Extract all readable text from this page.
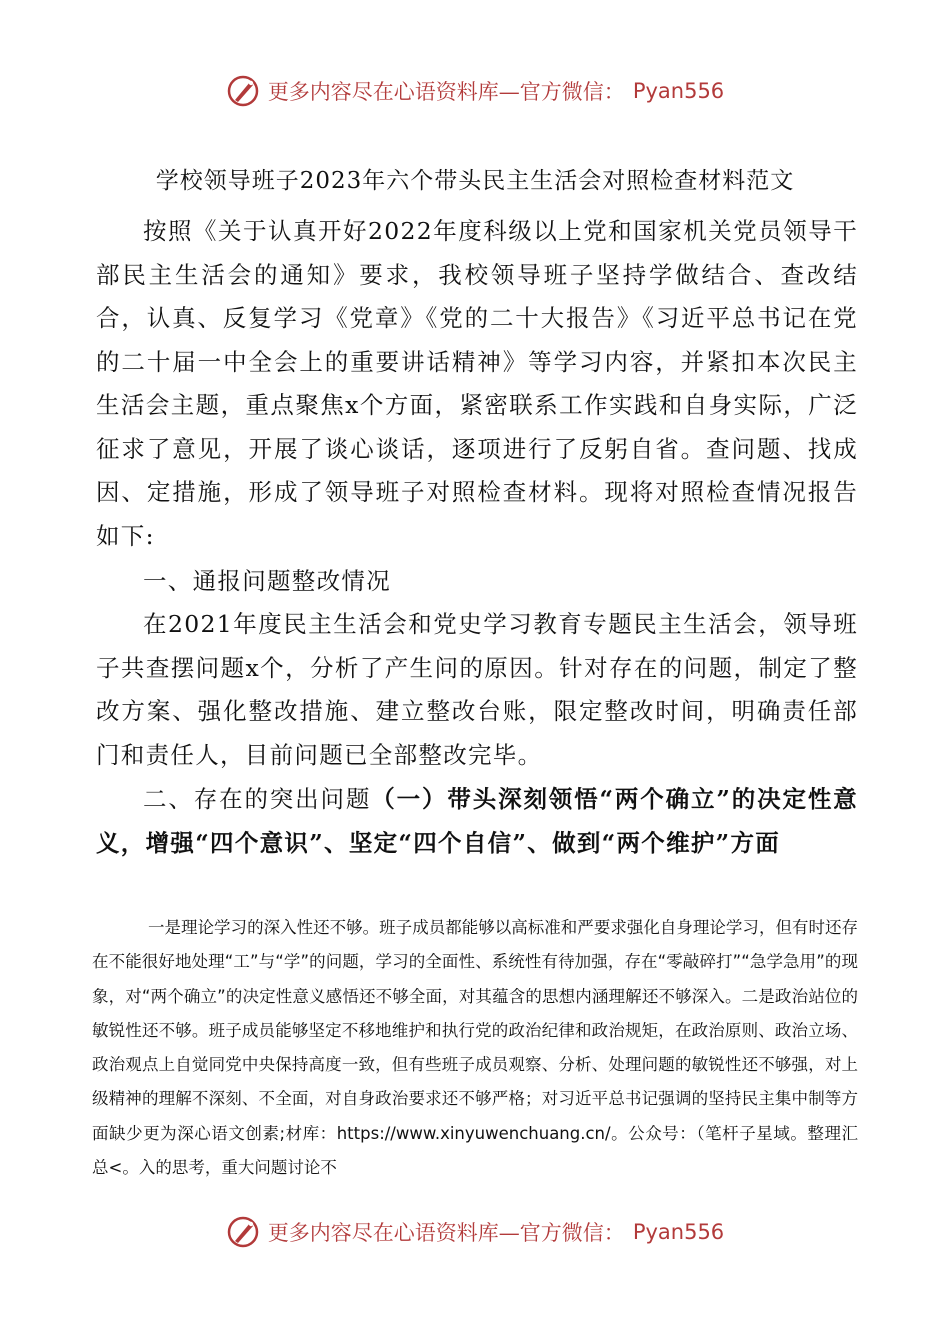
更多内容尽在心语资料库—官方微信： Pyan556
学校领导班子2023年六个带头民主生活会对照检查材料范文

按照《关于认真开好2022年度科级以上党和国家机关党员领导干部民主生活会的通知》要求，我校领导班子坚持学做结合、查改结合，认真、反复学习《党章》《党的二十大报告》《习近平总书记在党的二十届一中全会上的重要讲话精神》等学习内容，并紧扣本次民主生活会主题，重点聚焦x个方面，紧密联系工作实践和自身实际，广泛征求了意见，开展了谈心谈话，逐项进行了反躬自省。查问题、找成因、定措施，形成了领导班子对照检查材料。现将对照检查情况报告如下:

一、通报问题整改情况

在2021年度民主生活会和党史学习教育专题民主生活会，领导班子共查摆问题x个，分析了产生问的原因。针对存在的问题，制定了整改方案、强化整改措施、建立整改台账，限定整改时间，明确责任部门和责任人，目前问题已全部整改完毕。

二、存在的突出问题（一）带头深刻领悟“两个确立”的决定性意义，增强“四个意识”、坚定“四个自信”、做到“两个维护”方面

一是理论学习的深入性还不够。班子成员都能够以高标准和严要求强化自身理论学习，但有时还存在不能很好地处理“工”与“学”的问题，学习的全面性、系统性有待加强，存在“零敲碎打”“急学急用”的现象，对“两个确立”的决定性意义感悟还不够全面，对其蕴含的思想内涵理解还不够深入。二是政治站位的敏锐性还不够。班子成员能够坚定不移地维护和执行党的政治纪律和政治规矩，在政治原则、政治立场、政治观点上自觉同党中央保持高度一致，但有些班子成员观察、分析、处理问题的敏锐性还不够强，对上级精神的理解不深刻、不全面，对自身政治要求还不够严格；对习近平总书记强调的坚持民主集中制等方面缺少更为深心语文创素;材库：https://www.xinyuwenchuang.cn/。公众号：（笔杆子星域。整理汇总<。入的思考，重大问题讨论不

更多内容尽在心语资料库—官方微信： Pyan556
